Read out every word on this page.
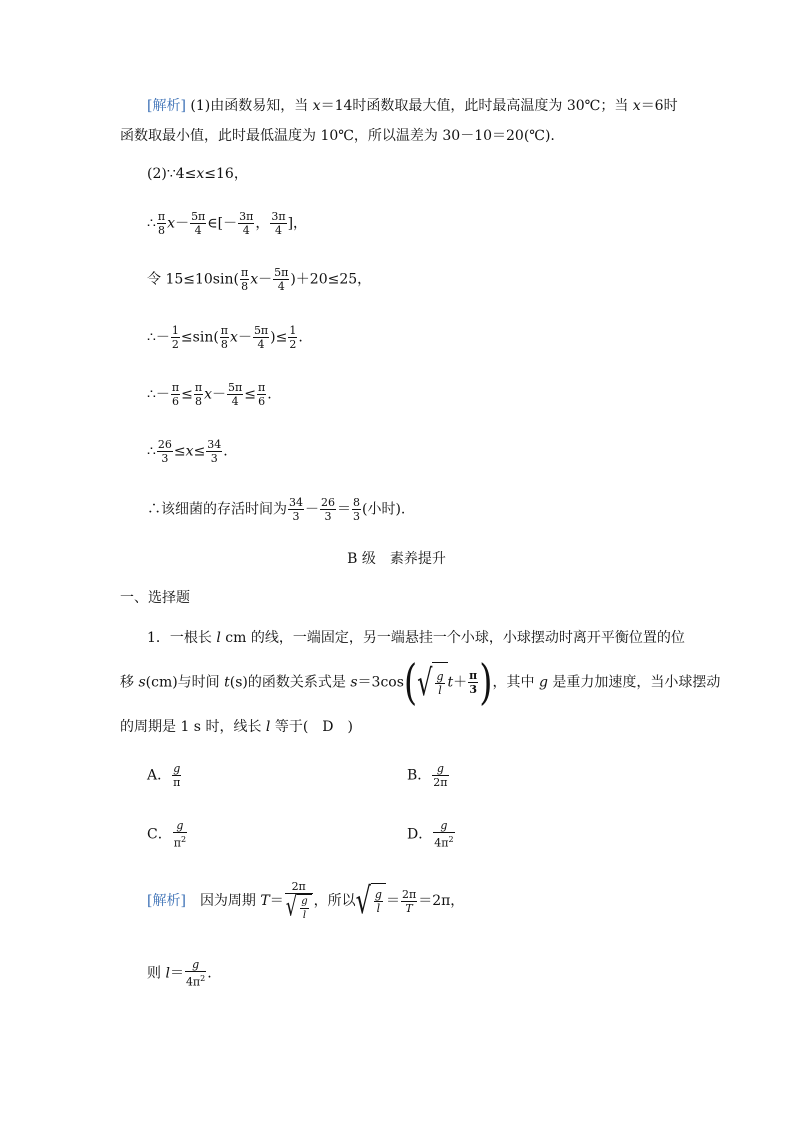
[解析] (1)由函数易知，当 x＝14时函数取最大值，此时最高温度为 30℃；当 x＝6时
函数取最小值，此时最低温度为 10℃，所以温差为 30－10＝20(℃).
(2)∵4≤x≤16，
∴ $\frac{\pi}{8} x- \frac{5\pi}{4}$ ∈[－ $\frac{3\pi}{4}$ ， $\frac{3\pi}{4}$ ]，
令 $15\le 10\sin( \frac{\pi}{8} x- \frac{5\pi}{4} )+20\le 25$，
∴－ $\frac{1}{2} \le\sin( \frac{\pi}{8} x- \frac{5\pi}{4}$ )≤ $\frac{1}{2}$ .
∴－ $\frac{\pi}{6} \le \frac{\pi}{8} x- \frac{5\pi}{4} \le \frac{\pi}{6}$ .
∴ $\frac{26}{3} \le x\le \frac{34}{3}$ .
∴该细菌的存活时间为 $\frac{34}{3} - \frac{26}{3} = \frac{8}{3}$ (小时).
B 级　素养提升
一、选择题
1．一根长 l cm 的线，一端固定，另一端悬挂一个小球，小球摆动时离开平衡位置的位
移 s(cm)与时间 t(s)的函数关系式是 $s=3\cos(√ \frac{g}{l} t+ \frac{\pi}{3}$ )，其中 g 是重力加速度，当小球摆动
的周期是 1 s 时，线长 l 等于(　D　)
A． $\frac{g}{\pi}$	B． $\frac{g}{2\pi}$
C． $\frac{g}{\pi^2}$	D． $\frac{g}{4\pi^2}$
[解析]　 因为周期 $T= \frac{2\pi}{√ \frac{g}{l}}$ ，所以√ $\frac{g}{l} = \frac{2\pi}{T} =2\pi$，
则 $l= \frac{g}{4\pi^2}$ .
